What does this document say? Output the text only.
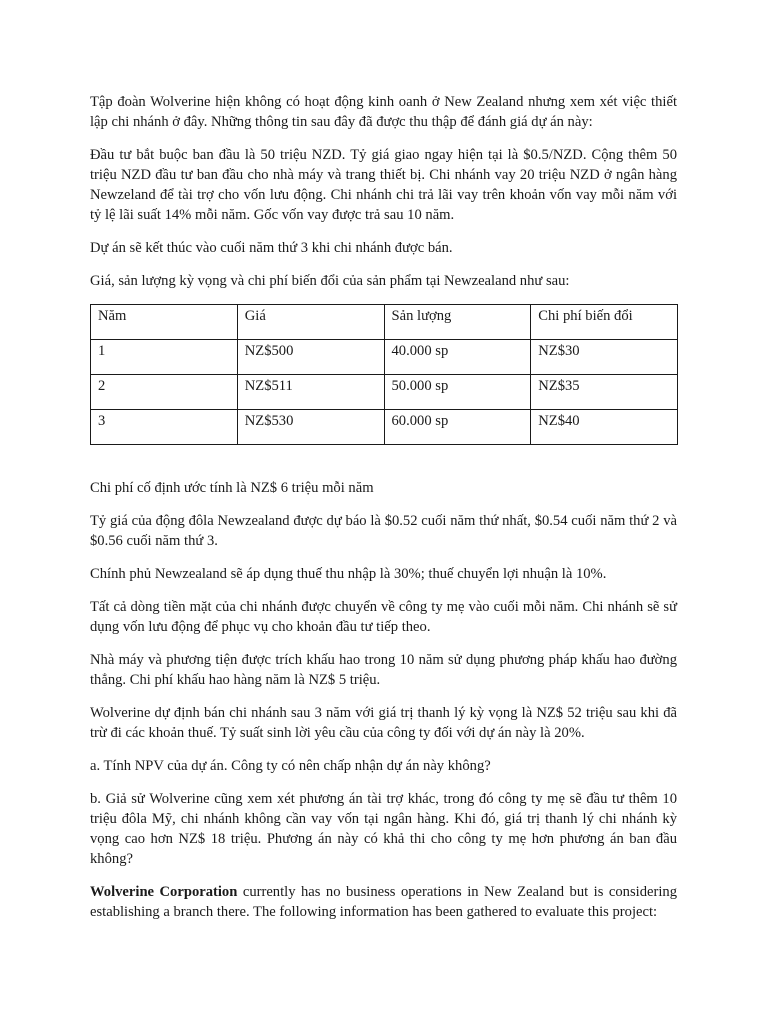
Tập đoàn Wolverine hiện không có hoạt động kinh oanh ở New Zealand nhưng xem xét việc thiết lập chi nhánh ở đây. Những thông tin sau đây đã được thu thập để đánh giá dự án này:

Đầu tư bắt buộc ban đầu là 50 triệu NZD. Tỷ giá giao ngay hiện tại là $0.5/NZD. Cộng thêm 50 triệu NZD đầu tư ban đầu cho nhà máy và trang thiết bị. Chi nhánh vay 20 triệu NZD ở ngân hàng Newzeland để tài trợ cho vốn lưu động. Chi nhánh chi trả lãi vay trên khoản vốn vay mỗi năm với tỷ lệ lãi suất 14% mỗi năm. Gốc vốn vay được trả sau 10 năm.

Dự án sẽ kết thúc vào cuối năm thứ 3 khi chi nhánh được bán.

Giá, sản lượng kỳ vọng và chi phí biến đổi của sản phẩm tại Newzealand như sau:

Năm	Giá	Sản lượng	Chi phí biến đổi
1	NZ$500	40.000 sp	NZ$30
2	NZ$511	50.000 sp	NZ$35
3	NZ$530	60.000 sp	NZ$40

Chi phí cố định ước tính là NZ$ 6 triệu mỗi năm

Tỷ giá của động đôla Newzealand được dự báo là $0.52 cuối năm thứ nhất, $0.54 cuối năm thứ 2 và $0.56 cuối năm thứ 3.

Chính phủ Newzealand sẽ áp dụng thuế thu nhập là 30%; thuế chuyển lợi nhuận là 10%.

Tất cả dòng tiền mặt của chi nhánh được chuyển về công ty mẹ vào cuối mỗi năm. Chi nhánh sẽ sử dụng vốn lưu động để phục vụ cho khoản đầu tư tiếp theo.

Nhà máy và phương tiện được trích khấu hao trong 10 năm sử dụng phương pháp khấu hao đường thẳng. Chi phí khấu hao hàng năm là NZ$ 5 triệu.

Wolverine dự định bán chi nhánh sau 3 năm với giá trị thanh lý kỳ vọng là NZ$ 52 triệu sau khi đã trừ đi các khoản thuế. Tỷ suất sinh lời yêu cầu của công ty đối với dự án này là 20%.

a. Tính NPV của dự án. Công ty có nên chấp nhận dự án này không?

b. Giả sử Wolverine cũng xem xét phương án tài trợ khác, trong đó công ty mẹ sẽ đầu tư thêm 10 triệu đôla Mỹ, chi nhánh không cần vay vốn tại ngân hàng. Khi đó, giá trị thanh lý chi nhánh kỳ vọng cao hơn NZ$ 18 triệu. Phương án này có khả thi cho công ty mẹ hơn phương án ban đầu không?

Wolverine Corporation currently has no business operations in New Zealand but is considering establishing a branch there. The following information has been gathered to evaluate this project:
